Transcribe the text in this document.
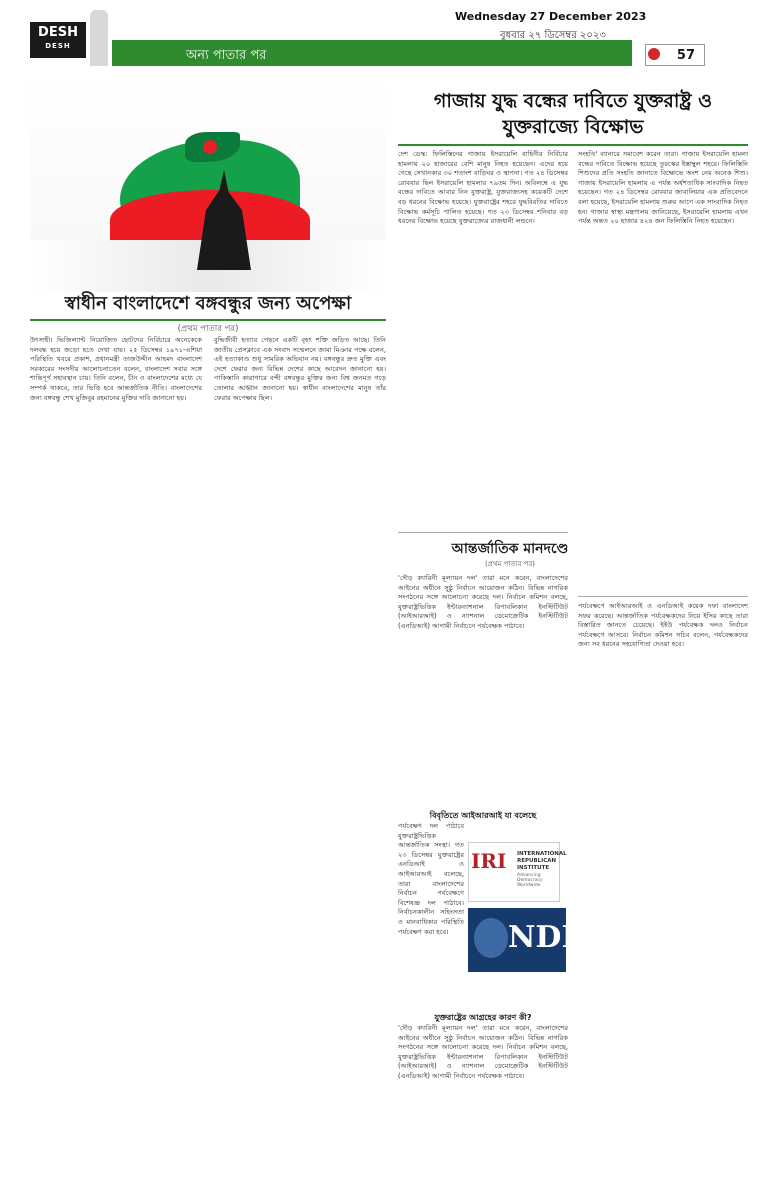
DESH
DESH
অন্য পাতার পর
Wednesday 27 December 2023
বুধবার ২৭ ডিসেম্বর ২০২৩
57
গাজায় যুদ্ধ বন্ধের দাবিতে যুক্তরাষ্ট্র ও যুক্তরাজ্যে বিক্ষোভ

দেশ ডেস্ক: ফিলিস্তিনের গাজায় ইসরায়েলি বাহিনীর নির্বিচার হামলায় ২০ হাজারের বেশি মানুষ নিহত হয়েছেন। এদের হয়ে গেছে সেখানকার ৩০ শতাংশ বাড়িঘর ও স্থাপনা। গত ২৪ ডিসেম্বর রোববার ছিল ইসরায়েলি হামলার ৭৯তম দিন। অবিলম্বে এ যুদ্ধ বন্ধের দাবিতে আবার নিন যুক্তরাষ্ট্র, যুক্তরাজ্যসহ কয়েকটি দেশে বড় ধরনের বিক্ষোভ হয়েছে। যুক্তরাষ্ট্রের শহরে যুদ্ধবিরতির দাবিতে বিক্ষোভ কর্মসূচি পালিত হয়েছে। গত ২৩ ডিসেম্বর শনিবার বড় ধরনের বিক্ষোভ হয়েছে যুক্তরাজ্যের রাজধানী লন্ডনে।

সংহতি' ব্যানারে সমাবেশ করেন তারা। গাজায় ইসরায়েলি হামলা বন্ধের দাবিতে বিক্ষোভ হয়েছে তুরস্কের ইস্তাম্বুল শহরে। ফিলিস্তিনি শিশুদের প্রতি সংহতি জানাতে বিক্ষোভে অংশ নেয় অনেক শিশু। গাজায় ইসরায়েলি হামলায় এ পর্যন্ত অর্ধশতাধিক সাংবাদিক নিহত হয়েছেন। গত ২৪ ডিসেম্বর রোববার জাবালিয়ার এক প্রতিবেদনে বলা হয়েছে, ইসরায়েলি হামলায় শুরুর আগে এক সাংবাদিক নিহত হন। গাজার স্বাস্থ্য মন্ত্রণালয় জানিয়েছে, ইসরায়েলি হামলায় এখন পর্যন্ত অন্তত ২০ হাজার ৪২৪ জন ফিলিস্তিনি নিহত হয়েছেন।

স্বাধীন বাংলাদেশে বঙ্গবন্ধুর জন্য অপেক্ষা
(প্রথম পাতার পর)

উৎসাহী। ভিজিল্যান্ট নিয়োজিত ছোটদের নির্বিচারে অনেকেকে দলবদ্ধ হয়ে জড়ো হতে দেখা যায়। ২৫ ডিসেম্বর ১৯৭১-এশিয়া পরিস্থিতি খবরে প্রকাশ, প্রধানমন্ত্রী তাজউদ্দীন আহমদ বাংলাদেশ সরকারের সংসদীয় আলোচনাতেন বলেন, বাংলাদেশ সবার সঙ্গে শান্তিপূর্ণ সহাবস্থান চায়। তিনি বলেন, চীন ও বাংলাদেশের মধ্যে যে সম্পর্ক থাকবে, তার ভিত্তি হবে আন্তর্জাতিক নীতি। বাংলাদেশের জন্য বঙ্গবন্ধু শেখ মুজিবুর রহমানের মুক্তির দাবি জানানো হয়।

বুদ্ধিজীবী হত্যার পেছনে একটি বৃহৎ শক্তি জড়িত আছে। তিনি জাতীয় প্রেসক্লাবে এক সংবাদ সম্মেলনে জামা মিঞার পক্ষে বলেন, এই হত্যাকাণ্ড শুধু সামরিক অভিযান নয়। বঙ্গবন্ধুর দ্রুত মুক্তি এবং দেশে ফেরার জন্য বিভিন্ন দেশের কাছে আবেদন জানানো হয়। পাকিস্তানি কারাগারে বন্দী বঙ্গবন্ধুর মুক্তির জন্য বিশ্ব জনমত গড়ে তোলার আহ্বান জানানো হয়। স্বাধীন বাংলাদেশের মানুষ তাঁর ফেরার অপেক্ষায় ছিল।

আন্তর্জাতিক মানদণ্ডে
(প্রথম পাতার পর)

'দৌড় ক্যারিনী মূল্যায়ন দল' তারা মনে করেন, বাংলাদেশের আইনের অধীনে সুষ্ঠু নির্বাচন আয়োজন কঠিন। বিভিন্ন নাগরিক সংগঠনের সঙ্গে আলোচনা করেছে দল। নির্বাচন কমিশন বলছে, যুক্তরাষ্ট্রভিত্তিক ইন্টারন্যাশনাল রিপাবলিকান ইনস্টিটিউট (আইআরআই) ও ন্যাশনাল ডেমোক্রেটিক ইনস্টিটিউট (এনডিআই) আগামী নির্বাচনে পর্যবেক্ষক পাঠাবে।

বিবৃতিতে আইআরআই যা বলেছে

পর্যবেক্ষণ দল পাঠাবে যুক্তরাষ্ট্রভিত্তিক আন্তর্জাতিক সংস্থা। গত ২৩ ডিসেম্বর যুক্তরাষ্ট্রের এনডিআই ও আইআরআই বলেছে, তারা বাংলাদেশের নির্বাচন পর্যবেক্ষণে বিশেষজ্ঞ দল পাঠাবে। নির্বাচনকালীন সহিংসতা ও মানবাধিকার পরিস্থিতি পর্যবেক্ষণ করা হবে।

IRI INTERNATIONAL REPUBLICAN INSTITUTE
Advancing Democracy Worldwide
NDI
যুক্তরাষ্ট্রের আগ্রহের কারণ কী?

'দৌড় ক্যারিনী মূল্যায়ন দল' তারা মনে করেন, বাংলাদেশের আইনের অধীনে সুষ্ঠু নির্বাচন আয়োজন কঠিন। বিভিন্ন নাগরিক সংগঠনের সঙ্গে আলোচনা করেছে দল। নির্বাচন কমিশন বলছে, যুক্তরাষ্ট্রভিত্তিক ইন্টারন্যাশনাল রিপাবলিকান ইনস্টিটিউট (আইআরআই) ও ন্যাশনাল ডেমোক্রেটিক ইনস্টিটিউট (এনডিআই) আগামী নির্বাচনে পর্যবেক্ষক পাঠাবে।

পর্যবেক্ষণে আইআরআই ও এনডিআই কয়েক দফা বাংলাদেশ সফর করেছে। আন্তর্জাতিক পর্যবেক্ষকদের নিয়ে ইসির কাছে তারা বিস্তারিত জানতে চেয়েছে। ইইউ পর্যবেক্ষক দলও নির্বাচন পর্যবেক্ষণে আসবে। নির্বাচন কমিশন সচিব বলেন, পর্যবেক্ষকদের জন্য সব ধরনের সহযোগিতা দেওয়া হবে।
